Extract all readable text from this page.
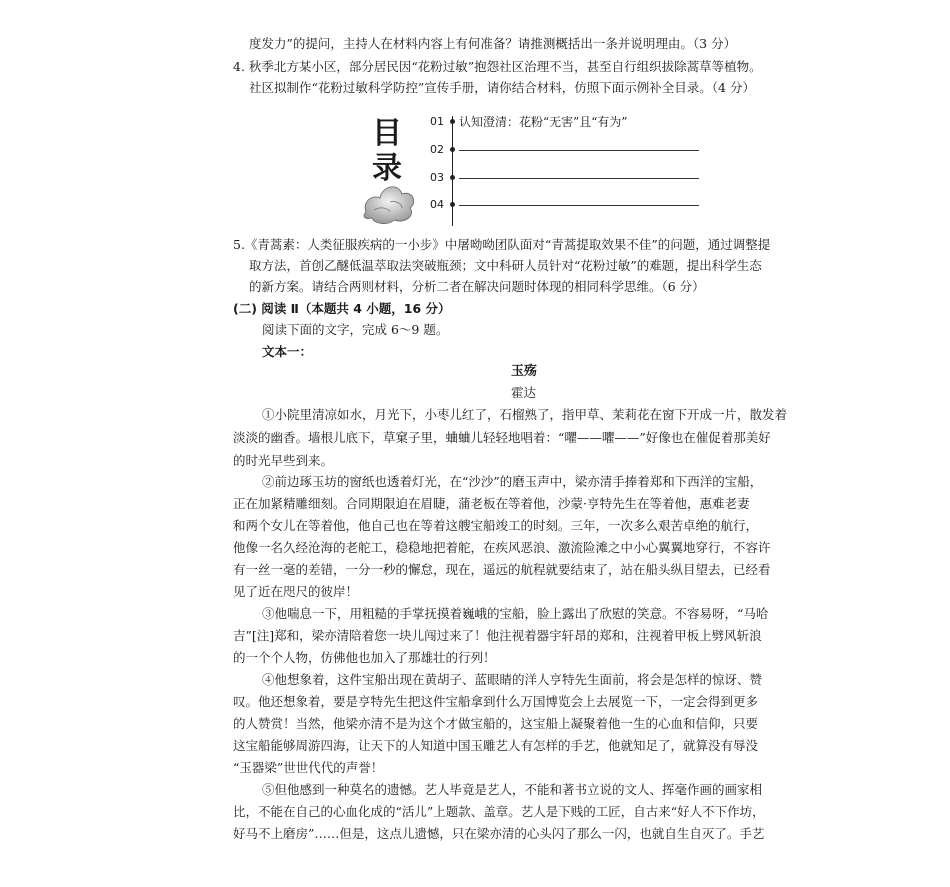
度发力”的提问，主持人在材料内容上有何准备？请推测概括出一条并说明理由。（3 分）
4. 秋季北方某小区，部分居民因“花粉过敏”抱怨社区治理不当，甚至自行组织拔除蒿草等植物。
社区拟制作“花粉过敏科学防控”宣传手册，请你结合材料，仿照下面示例补全目录。（4 分）
目
录
01 认知澄清：花粉“无害”且“有为”
02
03
04
5.《青蒿素：人类征服疾病的一小步》中屠呦呦团队面对“青蒿提取效果不佳”的问题，通过调整提
取方法，首创乙醚低温萃取法突破瓶颈；文中科研人员针对“花粉过敏”的难题，提出科学生态
的新方案。请结合两则材料，分析二者在解决问题时体现的相同科学思维。（6 分）
(二) 阅读 Ⅱ（本题共 4 小题，16 分）
阅读下面的文字，完成 6～9 题。
文本一：
玉殇
霍达
①小院里清凉如水，月光下，小枣儿红了，石榴熟了，指甲草、茉莉花在窗下开成一片，散发着
淡淡的幽香。墙根儿底下，草窠子里，蛐蛐儿轻轻地唱着：“㘗——㘗——”好像也在催促着那美好
的时光早些到来。
②前边琢玉坊的窗纸也透着灯光，在“沙沙”的磨玉声中，梁亦清手捧着郑和下西洋的宝船，
正在加紧精雕细刻。合同期限迫在眉睫，蒲老板在等着他，沙蒙·亨特先生在等着他，惠难老妻
和两个女儿在等着他，他自己也在等着这艘宝船竣工的时刻。三年，一次多么艰苦卓绝的航行，
他像一名久经沧海的老舵工，稳稳地把着舵，在疾风恶浪、激流险滩之中小心翼翼地穿行，不容许
有一丝一毫的差错，一分一秒的懈怠，现在，遥远的航程就要结束了，站在船头纵目望去，已经看
见了近在咫尺的彼岸！
③他喘息一下，用粗糙的手掌抚摸着巍峨的宝船，脸上露出了欣慰的笑意。不容易呀，“马哈
吉”[注]郑和，梁亦清陪着您一块儿闯过来了！他注视着器宇轩昂的郑和，注视着甲板上劈风斩浪
的一个个人物，仿佛他也加入了那雄壮的行列！
④他想象着，这件宝船出现在黄胡子、蓝眼睛的洋人亨特先生面前，将会是怎样的惊讶、赞
叹。他还想象着，要是亨特先生把这件宝船拿到什么万国博览会上去展览一下，一定会得到更多
的人赞赏！当然，他梁亦清不是为这个才做宝船的，这宝船上凝聚着他一生的心血和信仰，只要
这宝船能够周游四海，让天下的人知道中国玉雕艺人有怎样的手艺，他就知足了，就算没有辱没
“玉器梁”世世代代的声誉！
⑤但他感到一种莫名的遗憾。艺人毕竟是艺人，不能和著书立说的文人、挥毫作画的画家相
比，不能在自己的心血化成的“活儿”上题款、盖章。艺人是下贱的工匠，自古来“好人不下作坊，
好马不上磨房”……但是，这点儿遗憾，只在梁亦清的心头闪了那么一闪，也就自生自灭了。手艺
